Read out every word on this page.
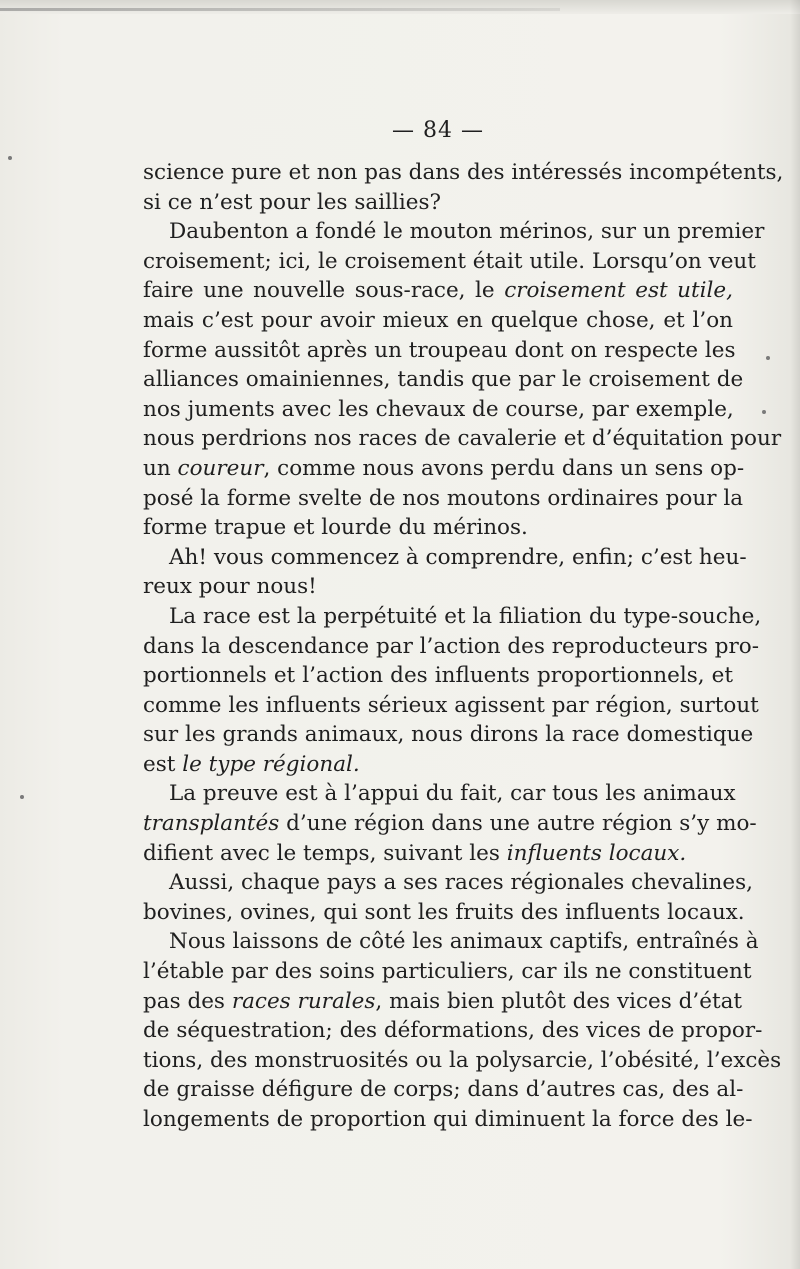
— 84 —
science pure et non pas dans des intéressés incompétents,
si ce n’est pour les saillies?
Daubenton a fondé le mouton mérinos, sur un premier
croisement; ici, le croisement était utile. Lorsqu’on veut
faire une nouvelle sous-race, le croisement est utile,
mais c’est pour avoir mieux en quelque chose, et l’on
forme aussitôt après un troupeau dont on respecte les
alliances omainiennes, tandis que par le croisement de
nos juments avec les chevaux de course, par exemple,
nous perdrions nos races de cavalerie et d’équitation pour
un coureur, comme nous avons perdu dans un sens op-
posé la forme svelte de nos moutons ordinaires pour la
forme trapue et lourde du mérinos.
Ah! vous commencez à comprendre, enfin; c’est heu-
reux pour nous!
La race est la perpétuité et la filiation du type-souche,
dans la descendance par l’action des reproducteurs pro-
portionnels et l’action des influents proportionnels, et
comme les influents sérieux agissent par région, surtout
sur les grands animaux, nous dirons la race domestique
est le type régional.
La preuve est à l’appui du fait, car tous les animaux
transplantés d’une région dans une autre région s’y mo-
difient avec le temps, suivant les influents locaux.
Aussi, chaque pays a ses races régionales chevalines,
bovines, ovines, qui sont les fruits des influents locaux.
Nous laissons de côté les animaux captifs, entraînés à
l’étable par des soins particuliers, car ils ne constituent
pas des races rurales, mais bien plutôt des vices d’état
de séquestration; des déformations, des vices de propor-
tions, des monstruosités ou la polysarcie, l’obésité, l’excès
de graisse défigure de corps; dans d’autres cas, des al-
longements de proportion qui diminuent la force des le-
